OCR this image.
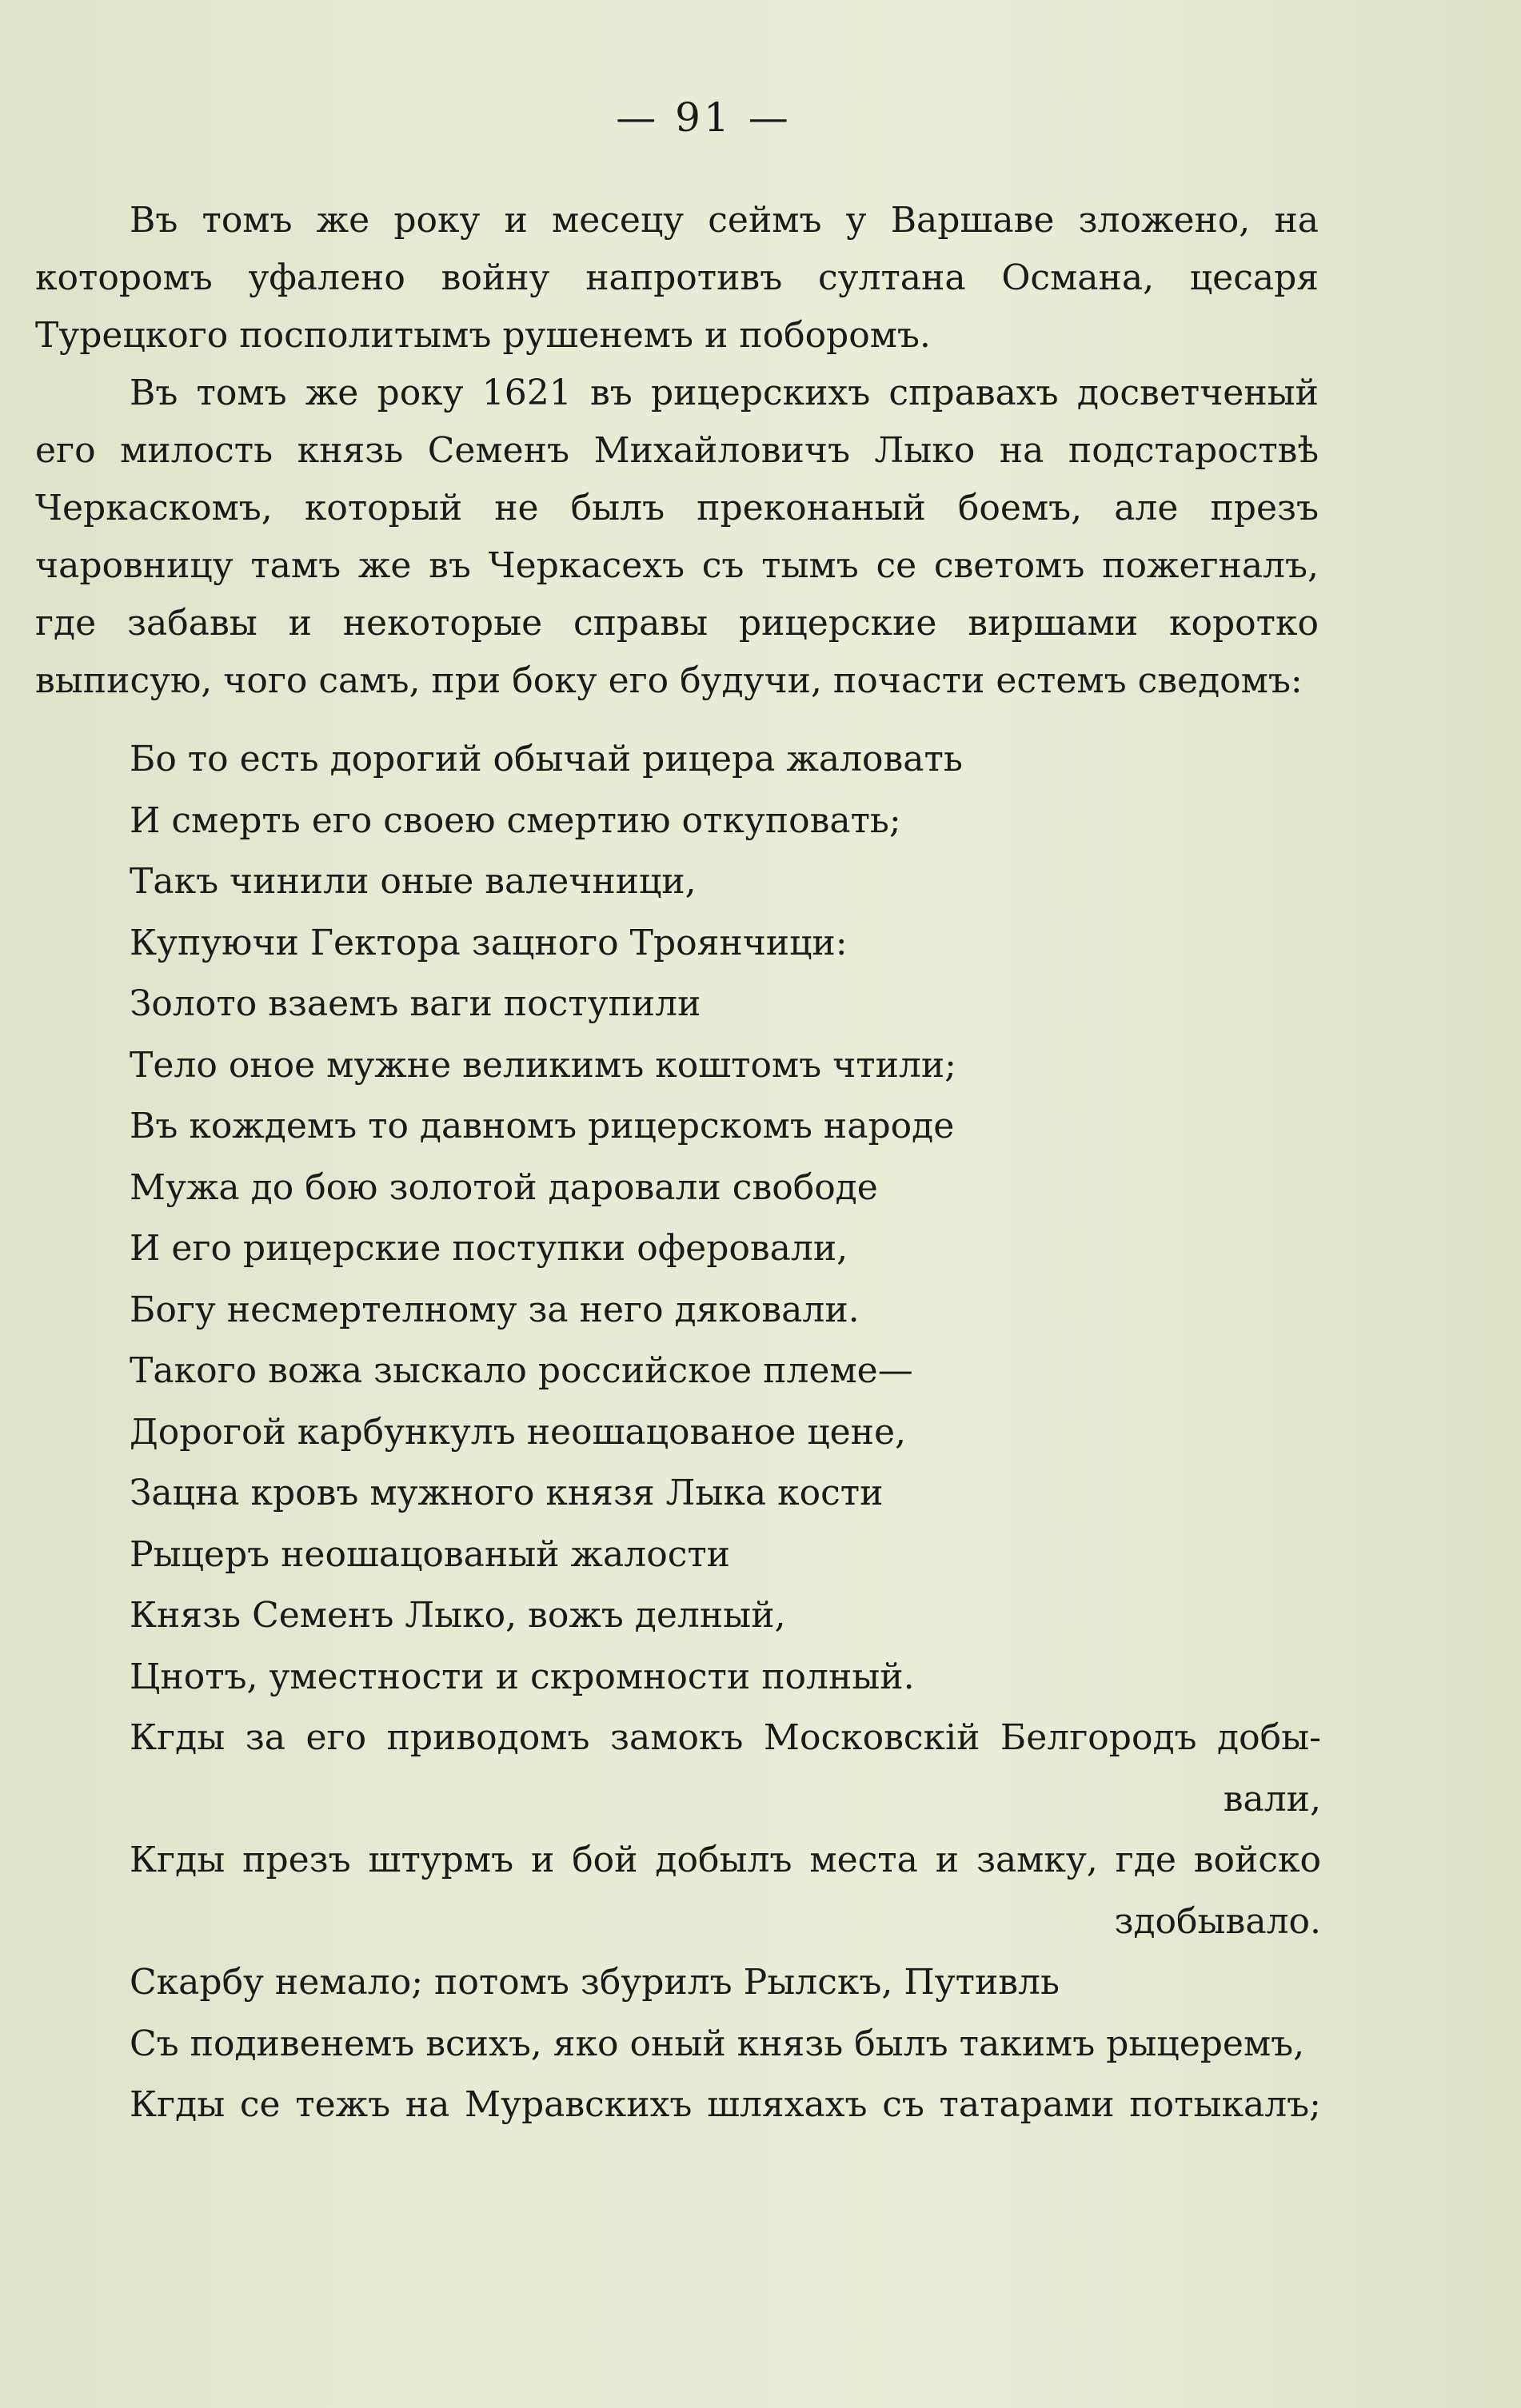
— 91 —

Въ томъ же року и месецу сеймъ у Варшаве зложено, на которомъ уфалено войну напротивъ султана Османа, цесаря Турецкого посполитымъ рушенемъ и поборомъ.

Въ томъ же року 1621 въ рицерскихъ справахъ досветченый его милость князь Семенъ Михайловичъ Лыко на подстароствѣ Черкаскомъ, который не былъ преконаный боемъ, але презъ чаровницу тамъ же въ Черкасехъ съ тымъ се светомъ пожегналъ, где забавы и некоторые справы рицерские виршами коротко выписую, чого самъ, при боку его будучи, почасти естемъ сведомъ:

Бо то есть дорогий обычай рицера жаловать
И смерть его своею смертию откуповать;
Такъ чинили оные валечници,
Купуючи Гектора зацного Троянчици:
Золото взаемъ ваги поступили
Тело оное мужне великимъ коштомъ чтили;
Въ кождемъ то давномъ рицерскомъ народе
Мужа до бою золотой даровали свободе
И его рицерские поступки оферовали,
Богу несмертелному за него дяковали.
Такого вожа зыскало российское племе—
Дорогой карбункулъ неошацованое цене,
Зацна кровъ мужного князя Лыка кости
Рыцеръ неошацованый жалости
Князь Семенъ Лыко, вожъ делный,
Цнотъ, уместности и скромности полный.
Кгды за его приводомъ замокъ Московскій Белгородъ добы-
вали,
Кгды презъ штурмъ и бой добылъ места и замку, где войско
здобывало.
Скарбу немало; потомъ збурилъ Рылскъ, Путивль
Съ подивенемъ всихъ, яко оный князь былъ такимъ рыцеремъ,
Кгды се тежъ на Муравскихъ шляхахъ съ татарами потыкалъ;
